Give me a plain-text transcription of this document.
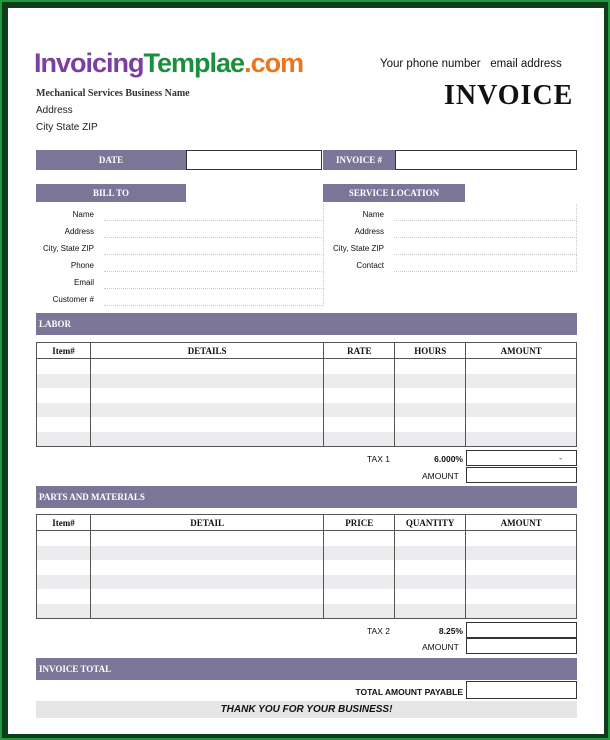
InvoicingTemplae.com
Mechanical Services Business Name
Address
City State ZIP
Your phone number email address
INVOICE
DATE	INVOICE #
BILL TO	SERVICE LOCATION
Name
Address
City, State ZIP
Phone
Email
Customer #
Name
Address
City, State ZIP
Contact
LABOR
Item#	DETAILS	RATE	HOURS	AMOUNT

TAX 1	6.000%	-
AMOUNT
PARTS AND MATERIALS
Item#	DETAIL	PRICE	QUANTITY	AMOUNT

TAX 2	8.25%
AMOUNT
INVOICE TOTAL
TOTAL AMOUNT PAYABLE
THANK YOU FOR YOUR BUSINESS!
